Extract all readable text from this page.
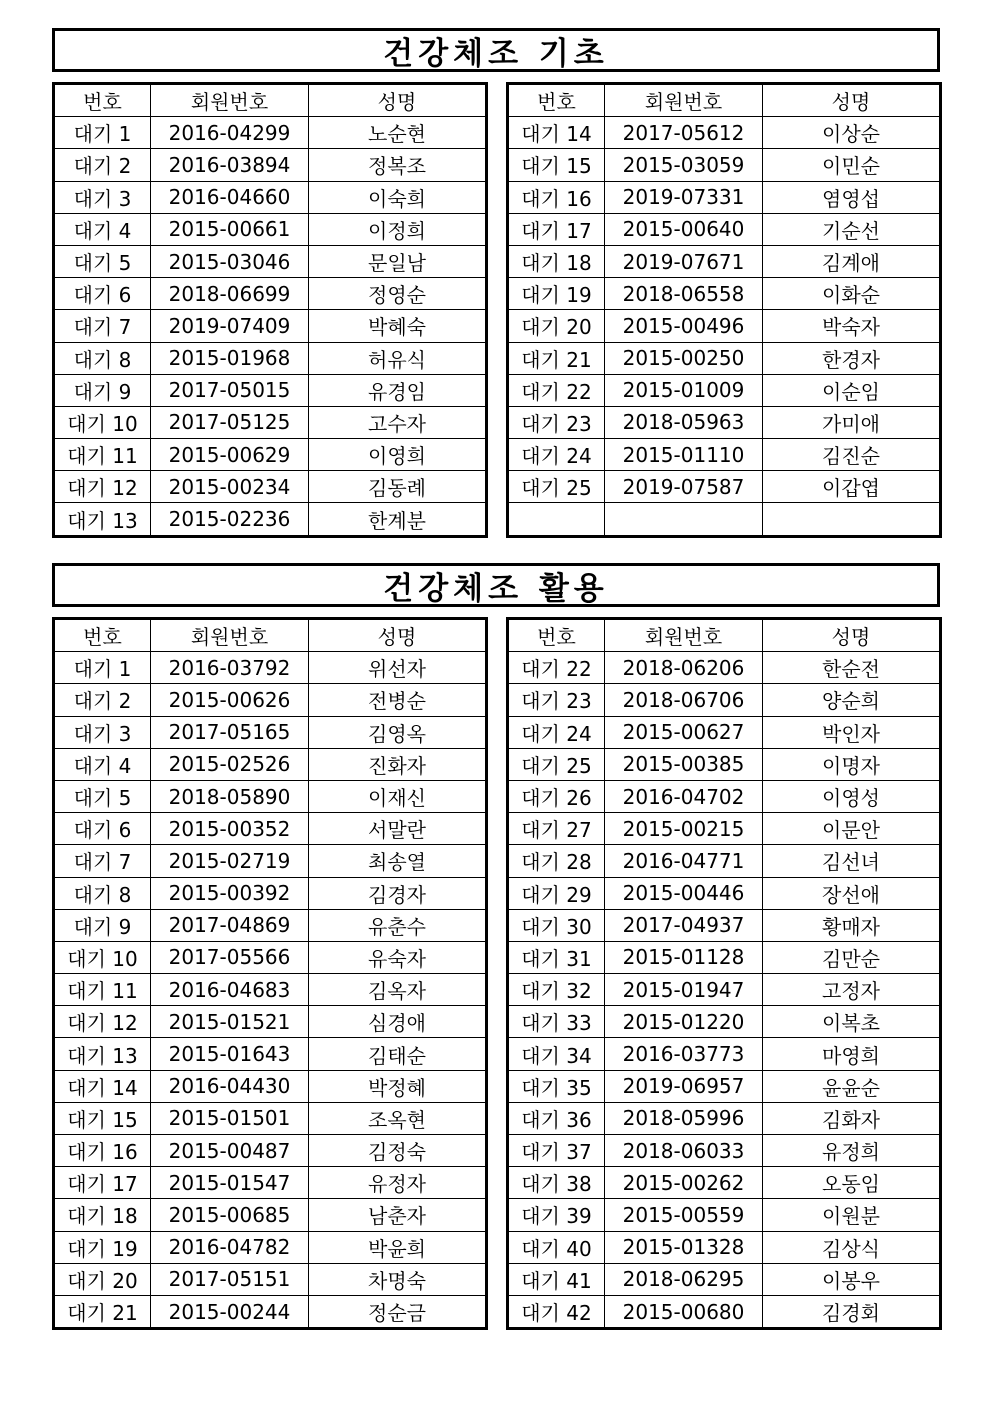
건강체조 기초
번호	회원번호	성명
대기 1	2016-04299	노순현
대기 2	2016-03894	정복조
대기 3	2016-04660	이숙희
대기 4	2015-00661	이정희
대기 5	2015-03046	문일남
대기 6	2018-06699	정영순
대기 7	2019-07409	박혜숙
대기 8	2015-01968	허유식
대기 9	2017-05015	유경임
대기 10	2017-05125	고수자
대기 11	2015-00629	이영희
대기 12	2015-00234	김동례
대기 13	2015-02236	한계분
번호	회원번호	성명
대기 14	2017-05612	이상순
대기 15	2015-03059	이민순
대기 16	2019-07331	염영섭
대기 17	2015-00640	기순선
대기 18	2019-07671	김계애
대기 19	2018-06558	이화순
대기 20	2015-00496	박숙자
대기 21	2015-00250	한경자
대기 22	2015-01009	이순임
대기 23	2018-05963	가미애
대기 24	2015-01110	김진순
대기 25	2019-07587	이갑엽

건강체조 활용
번호	회원번호	성명
대기 1	2016-03792	위선자
대기 2	2015-00626	전병순
대기 3	2017-05165	김영옥
대기 4	2015-02526	진화자
대기 5	2018-05890	이재신
대기 6	2015-00352	서말란
대기 7	2015-02719	최송열
대기 8	2015-00392	김경자
대기 9	2017-04869	유춘수
대기 10	2017-05566	유숙자
대기 11	2016-04683	김옥자
대기 12	2015-01521	심경애
대기 13	2015-01643	김태순
대기 14	2016-04430	박정혜
대기 15	2015-01501	조옥현
대기 16	2015-00487	김정숙
대기 17	2015-01547	유정자
대기 18	2015-00685	남춘자
대기 19	2016-04782	박윤희
대기 20	2017-05151	차명숙
대기 21	2015-00244	정순금
번호	회원번호	성명
대기 22	2018-06206	한순전
대기 23	2018-06706	양순희
대기 24	2015-00627	박인자
대기 25	2015-00385	이명자
대기 26	2016-04702	이영성
대기 27	2015-00215	이문안
대기 28	2016-04771	김선녀
대기 29	2015-00446	장선애
대기 30	2017-04937	황매자
대기 31	2015-01128	김만순
대기 32	2015-01947	고정자
대기 33	2015-01220	이복초
대기 34	2016-03773	마영희
대기 35	2019-06957	윤윤순
대기 36	2018-05996	김화자
대기 37	2018-06033	유정희
대기 38	2015-00262	오동임
대기 39	2015-00559	이원분
대기 40	2015-01328	김상식
대기 41	2018-06295	이봉우
대기 42	2015-00680	김경회
